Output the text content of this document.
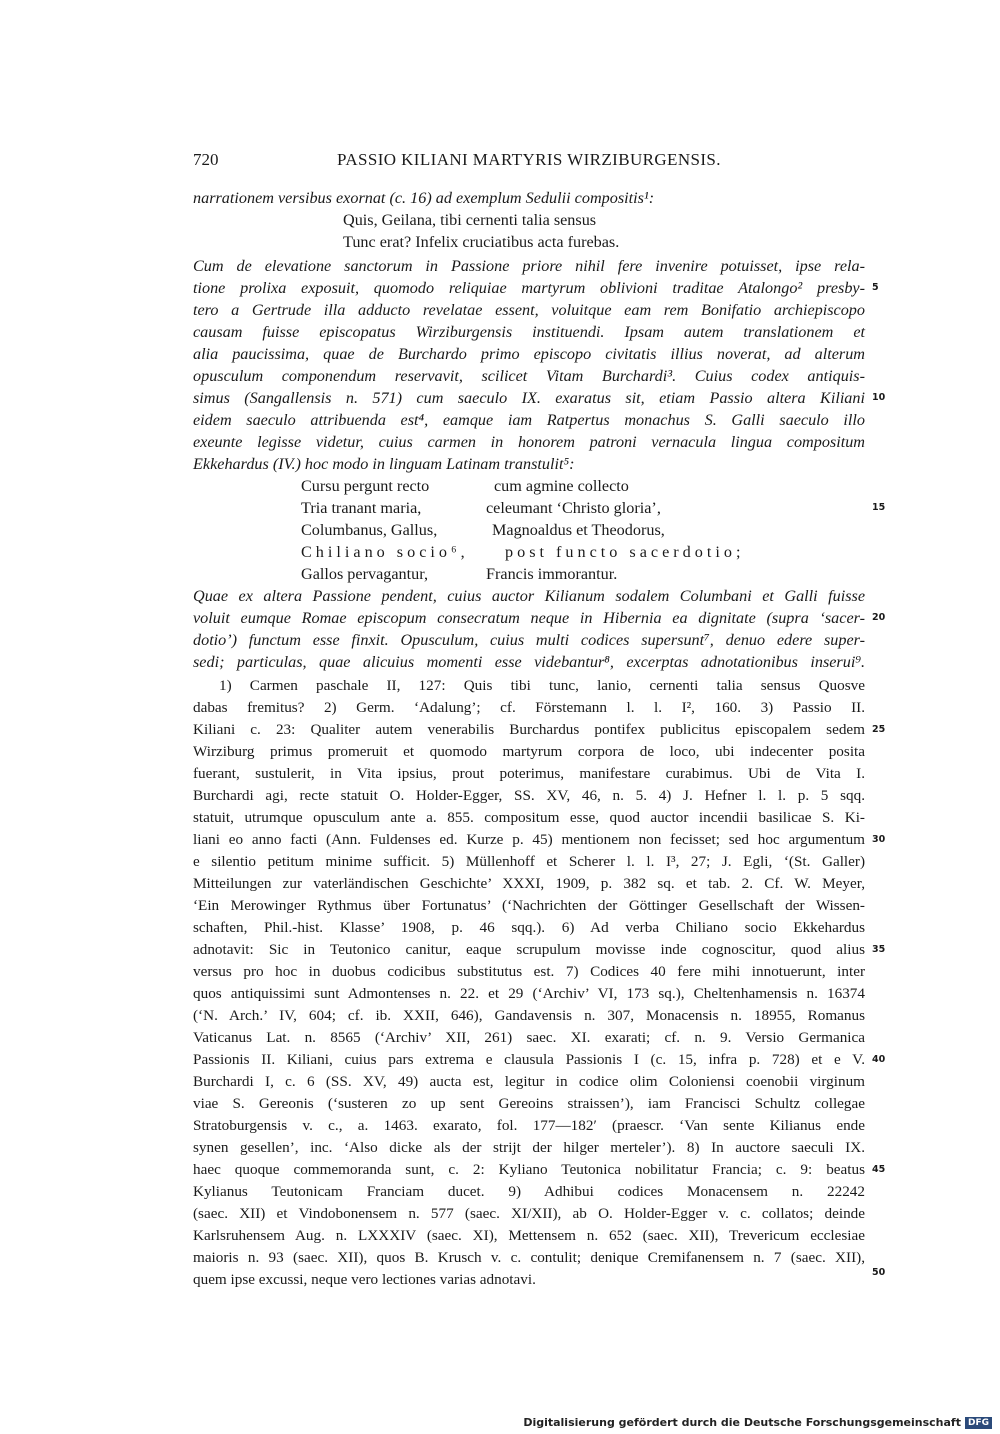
720	PASSIO KILIANI MARTYRIS WIRZIBURGENSIS.
narrationem versibus exornat (c. 16) ad exemplum Sedulii compositis¹:
Quis, Geilana, tibi cernenti talia sensus
Tunc erat? Infelix cruciatibus acta furebas.
Cum de elevatione sanctorum in Passione priore nihil fere invenire potuisset, ipse rela-
tione prolixa exposuit, quomodo reliquiae martyrum oblivioni traditae Atalongo² presby-
tero a Gertrude illa adducto revelatae essent, voluitque eam rem Bonifatio archiepiscopo
causam fuisse episcopatus Wirziburgensis instituendi. Ipsam autem translationem et
alia paucissima, quae de Burchardo primo episcopo civitatis illius noverat, ad alterum
opusculum componendum reservavit, scilicet Vitam Burchardi³. Cuius codex antiquis-
simus (Sangallensis n. 571) cum saeculo IX. exaratus sit, etiam Passio altera Kiliani
eidem saeculo attribuenda est⁴, eamque iam Ratpertus monachus S. Galli saeculo illo
exeunte legisse videtur, cuius carmen in honorem patroni vernacula lingua compositum
Ekkehardus (IV.) hoc modo in linguam Latinam transtulit⁵:
Cursu pergunt recto	cum agmine collecto
Tria tranant maria,	celeumant ‘Christo gloria’,
Columbanus, Gallus,	Magnoaldus et Theodorus,
Chiliano socio⁶, post functo sacerdotio;
Gallos pervagantur,	Francis immorantur.
Quae ex altera Passione pendent, cuius auctor Kilianum sodalem Columbani et Galli fuisse
voluit eumque Romae episcopum consecratum neque in Hibernia ea dignitate (supra ‘sacer-
dotio’) functum esse finxit. Opusculum, cuius multi codices supersunt⁷, denuo edere super-
sedi; particulas, quae alicuius momenti esse videbantur⁸, excerptas adnotationibus inserui⁹.
1) Carmen paschale II, 127: Quis tibi tunc, lanio, cernenti talia sensus Quosve
dabas fremitus? 2) Germ. ‘Adalung’; cf. Förstemann l. l. I², 160. 3) Passio II.
Kiliani c. 23: Qualiter autem venerabilis Burchardus pontifex publicitus episcopalem sedem
Wirziburg primus promeruit et quomodo martyrum corpora de loco, ubi indecenter posita
fuerant, sustulerit, in Vita ipsius, prout poterimus, manifestare curabimus. Ubi de Vita I.
Burchardi agi, recte statuit O. Holder-Egger, SS. XV, 46, n. 5. 4) J. Hefner l. l. p. 5 sqq.
statuit, utrumque opusculum ante a. 855. compositum esse, quod auctor incendii basilicae S. Ki-
liani eo anno facti (Ann. Fuldenses ed. Kurze p. 45) mentionem non fecisset; sed hoc argumentum
e silentio petitum minime sufficit. 5) Müllenhoff et Scherer l. l. I³, 27; J. Egli, ‘(St. Galler)
Mitteilungen zur vaterländischen Geschichte’ XXXI, 1909, p. 382 sq. et tab. 2. Cf. W. Meyer,
‘Ein Merowinger Rythmus über Fortunatus’ (‘Nachrichten der Göttinger Gesellschaft der Wissen-
schaften, Phil.-hist. Klasse’ 1908, p. 46 sqq.). 6) Ad verba Chiliano socio Ekkehardus
adnotavit: Sic in Teutonico canitur, eaque scrupulum movisse inde cognoscitur, quod alius
versus pro hoc in duobus codicibus substitutus est. 7) Codices 40 fere mihi innotuerunt, inter
quos antiquissimi sunt Admontenses n. 22. et 29 (‘Archiv’ VI, 173 sq.), Cheltenhamensis n. 16374
(‘N. Arch.’ IV, 604; cf. ib. XXII, 646), Gandavensis n. 307, Monacensis n. 18955, Romanus
Vaticanus Lat. n. 8565 (‘Archiv’ XII, 261) saec. XI. exarati; cf. n. 9. Versio Germanica
Passionis II. Kiliani, cuius pars extrema e clausula Passionis I (c. 15, infra p. 728) et e V.
Burchardi I, c. 6 (SS. XV, 49) aucta est, legitur in codice olim Coloniensi coenobii virginum
viae S. Gereonis (‘susteren zo up sent Gereoins straissen’), iam Francisci Schultz collegae
Stratoburgensis v. c., a. 1463. exarato, fol. 177—182′ (praescr. ‘Van sente Kilianus ende
synen gesellen’, inc. ‘Also dicke als der strijt der hilger merteler’). 8) In auctore saeculi IX.
haec quoque commemoranda sunt, c. 2: Kyliano Teutonica nobilitatur Francia; c. 9: beatus
Kylianus Teutonicam Franciam ducet. 9) Adhibui codices Monacensem n. 22242
(saec. XII) et Vindobonensem n. 577 (saec. XI/XII), ab O. Holder-Egger v. c. collatos; deinde
Karlsruhensem Aug. n. LXXXIV (saec. XI), Mettensem n. 652 (saec. XII), Trevericum ecclesiae
maioris n. 93 (saec. XII), quos B. Krusch v. c. contulit; denique Cremifanensem n. 7 (saec. XII),
quem ipse excussi, neque vero lectiones varias adnotavi.
5
10
15
20
25
30
35
40
45
50
Digitalisierung gefördert durch die Deutsche Forschungsgemeinschaft DFG
